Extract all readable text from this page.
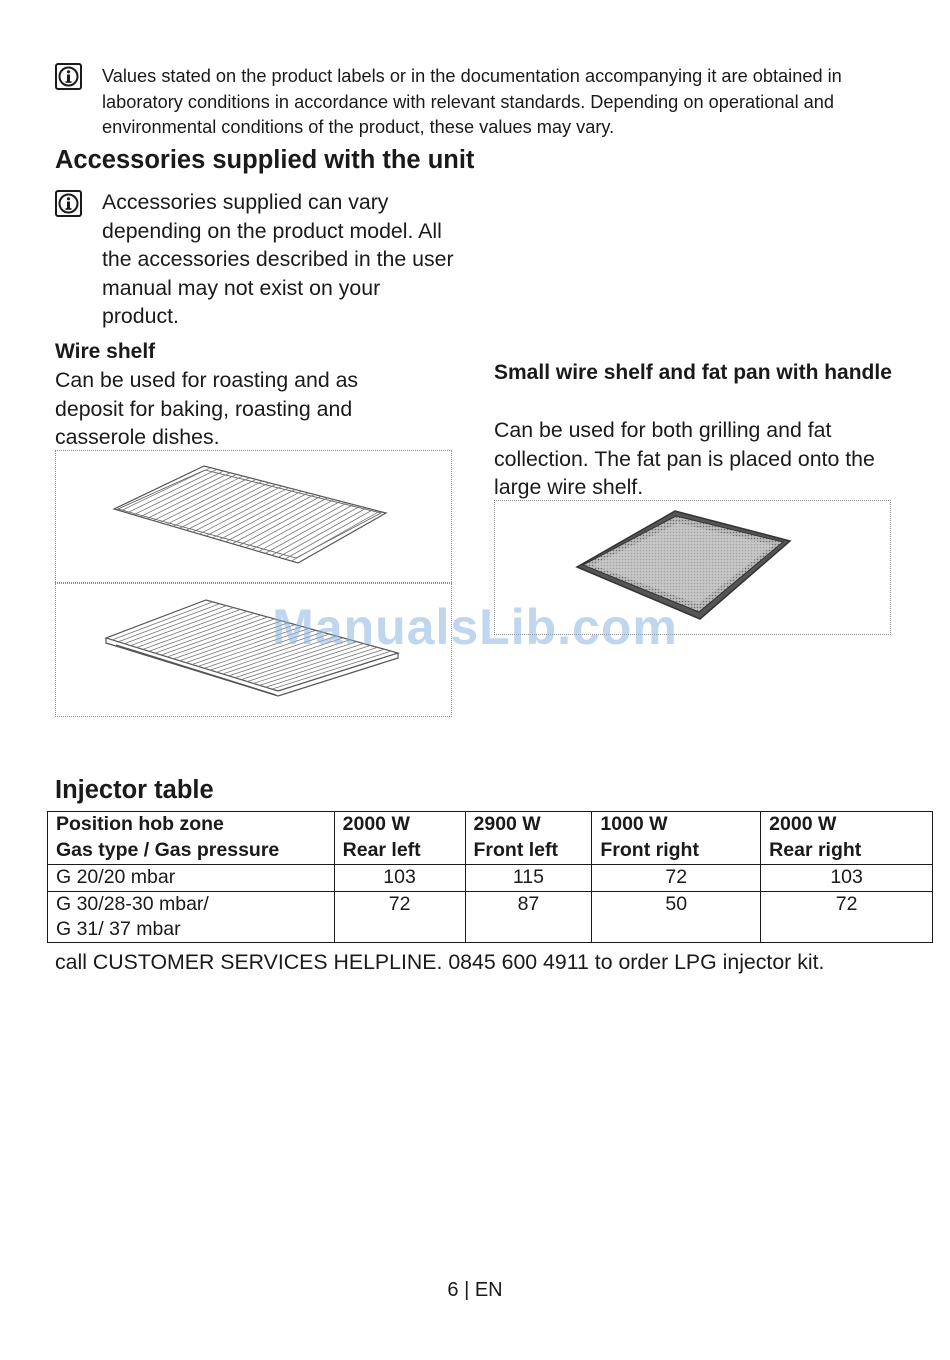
Values stated on the product labels or in the documentation accompanying it are obtained in laboratory conditions in accordance with relevant standards. Depending on operational and environmental conditions of the product, these values may vary.
Accessories supplied with the unit
Accessories supplied can vary depending on the product model. All the accessories described in the user manual may not exist on your product.
Wire shelf
Can be used for roasting and as deposit for baking, roasting and casserole dishes.
Small wire shelf and fat pan with handle
Can be used for both grilling and fat collection. The fat pan is placed onto the large wire shelf.
ManualsLib.com
Injector table
Position hob zone	2000 W	2900 W	1000 W	2000 W
Gas type / Gas pressure	Rear left	Front left	Front right	Rear right
G 20/20 mbar	103	115	72	103

G 30/28-30 mbar/
G 31/ 37 mbar	72	87	50	72
call CUSTOMER SERVICES HELPLINE. 0845 600 4911 to order LPG injector kit.
6 | EN
